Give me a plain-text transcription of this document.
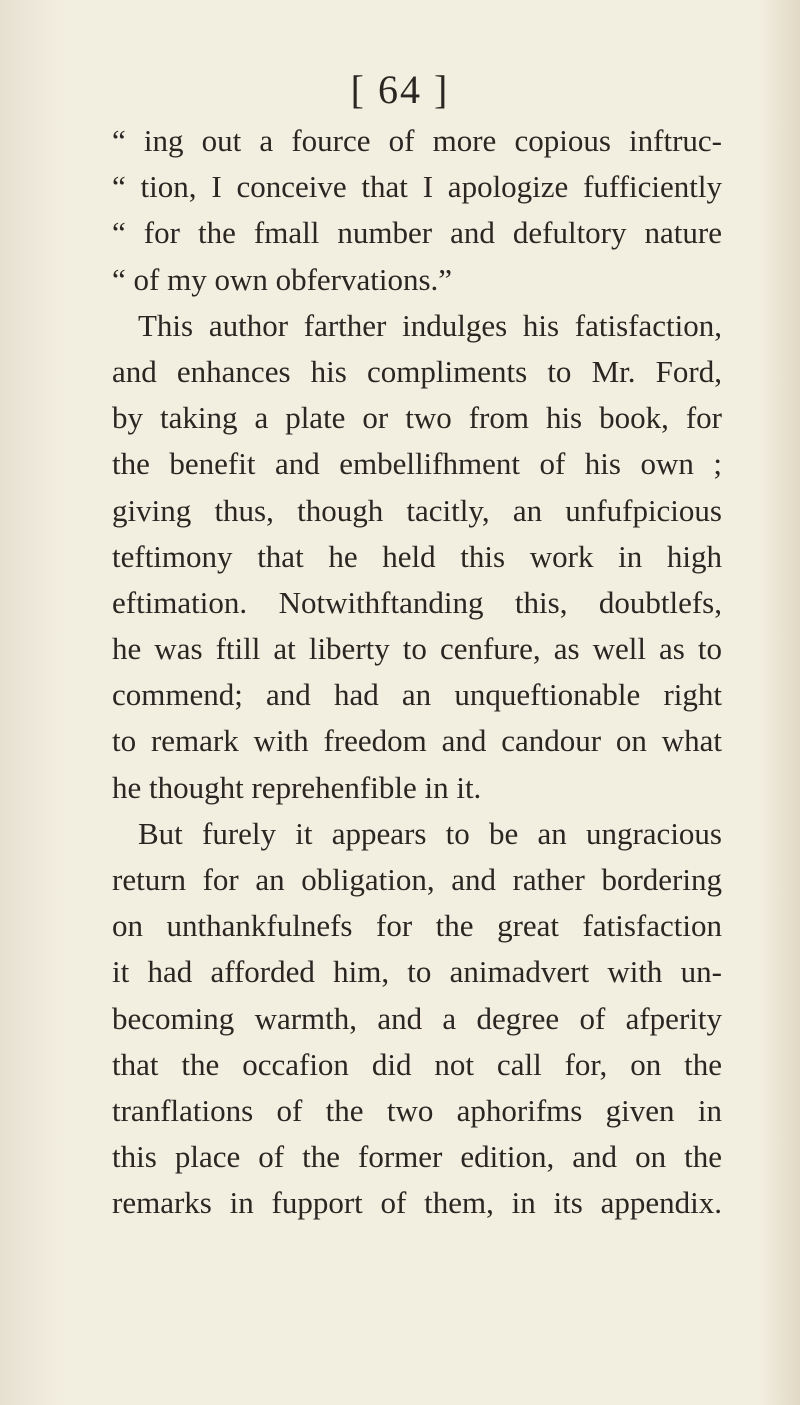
[ 64 ]
“ ing out a fource of more copious inftruc-
“ tion, I conceive that I apologize fufficiently
“ for the fmall number and defultory nature
“ of my own obfervations.”
This author farther indulges his fatisfaction,
and enhances his compliments to Mr. Ford,
by taking a plate or two from his book, for
the benefit and embellifhment of his own ;
giving thus, though tacitly, an unfufpicious
teftimony that he held this work in high
eftimation. Notwithftanding this, doubtlefs,
he was ftill at liberty to cenfure, as well as to
commend; and had an unqueftionable right
to remark with freedom and candour on what
he thought reprehenfible in it.
But furely it appears to be an ungracious
return for an obligation, and rather bordering
on unthankfulnefs for the great fatisfaction
it had afforded him, to animadvert with un-
becoming warmth, and a degree of afperity
that the occafion did not call for, on the
tranflations of the two aphorifms given in
this place of the former edition, and on the
remarks in fupport of them, in its appendix.
